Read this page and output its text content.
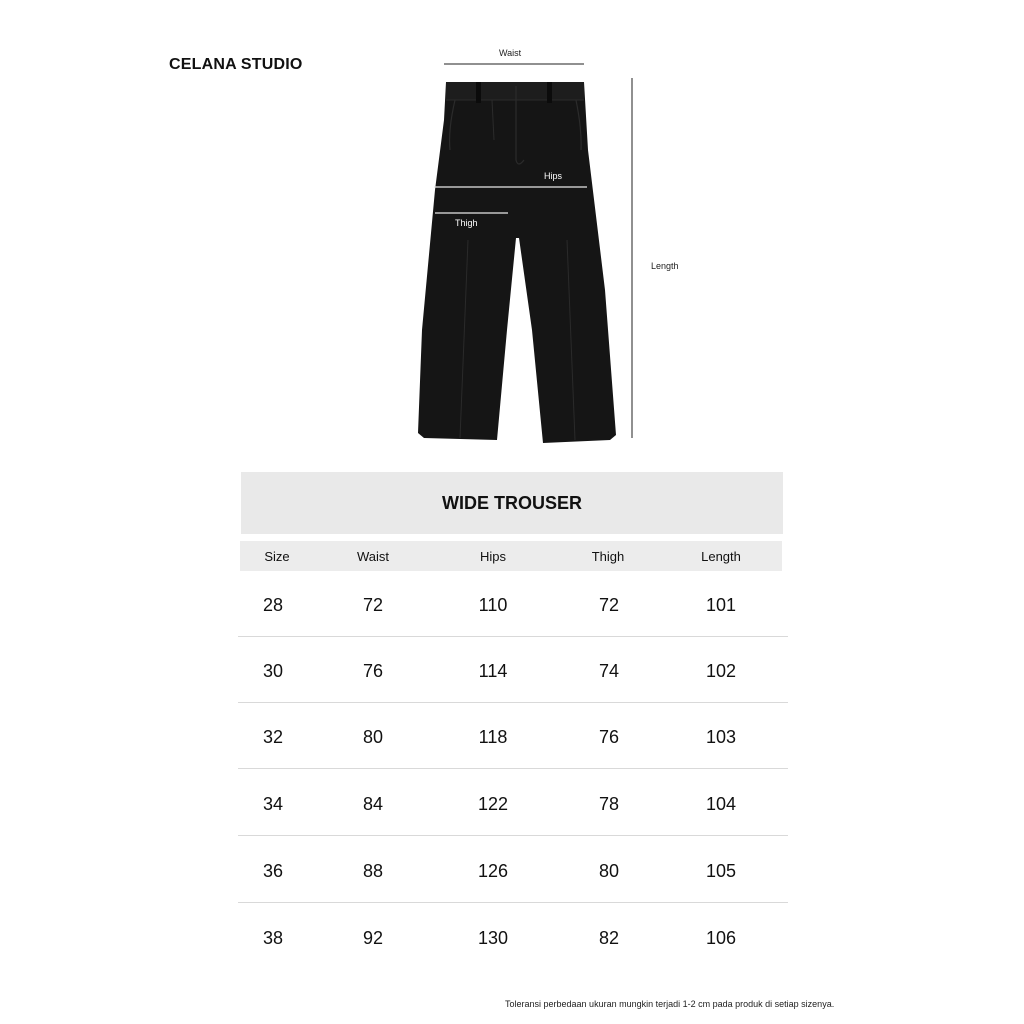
CELANA STUDIO
Waist
Hips
Thigh
Length
WIDE TROUSER
Size	Waist	Hips	Thigh	Length
28	72	110	72	101
30	76	114	74	102
32	80	118	76	103
34	84	122	78	104
36	88	126	80	105
38	92	130	82	106
Toleransi perbedaan ukuran mungkin terjadi 1-2 cm pada produk di setiap sizenya.
